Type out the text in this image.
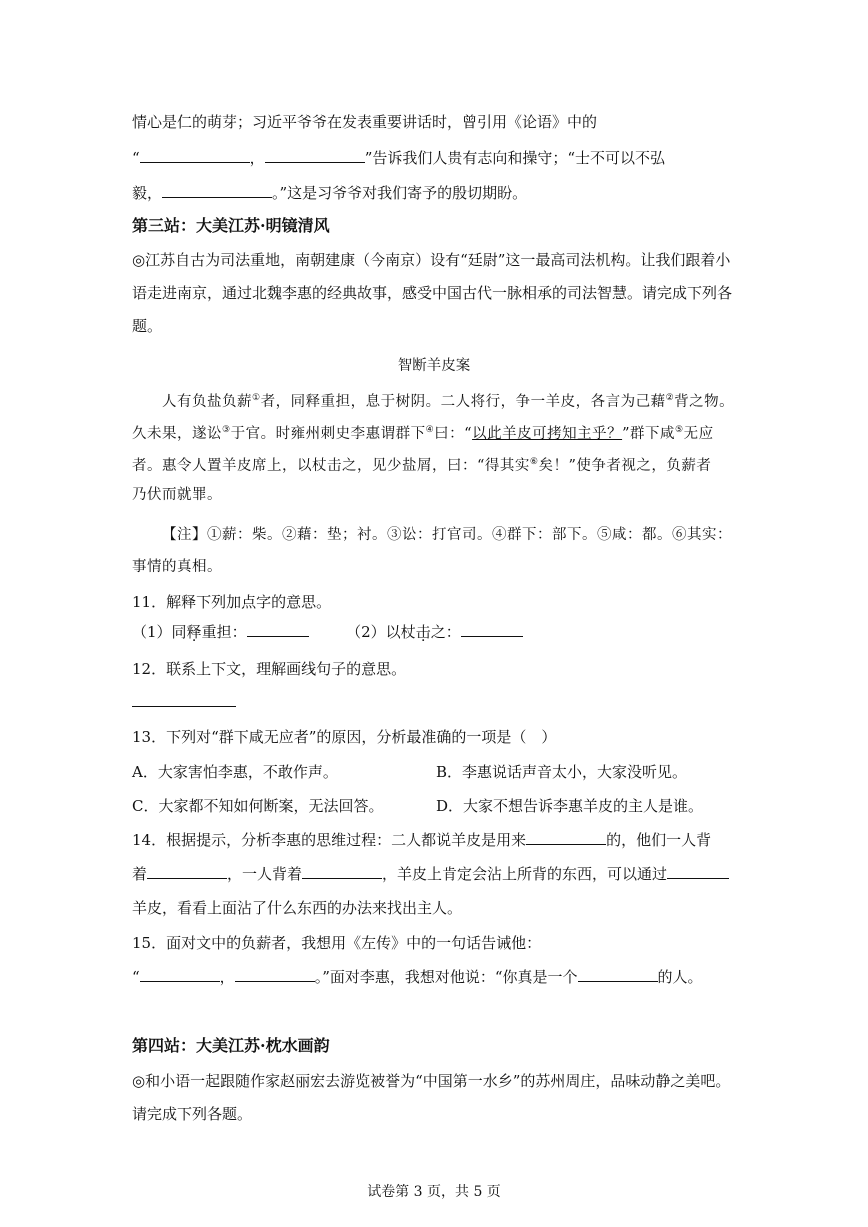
情心是仁的萌芽；习近平爷爷在发表重要讲话时，曾引用《论语》中的
“	，	”告诉我们人贵有志向和操守；“士不可以不弘
毅，	。”这是习爷爷对我们寄予的殷切期盼。
第三站：大美江苏·明镜清风
◎江苏自古为司法重地，南朝建康（今南京）设有“廷尉”这一最高司法机构。让我们跟着小
语走进南京，通过北魏李惠的经典故事，感受中国古代一脉相承的司法智慧。请完成下列各
题。
智断羊皮案
人有负盐负薪①者，同释重担，息于树阴。二人将行，争一羊皮，各言为己藉②背之物。
久未果，遂讼③于官。时雍州刺史李惠谓群下④曰：“以此羊皮可拷知主乎？”群下咸⑤无应
者。惠令人置羊皮席上，以杖击之，见少盐屑，曰：“得其实⑥矣！”使争者视之，负薪者
乃伏而就罪。
【注】①薪：柴。②藉：垫；衬。③讼：打官司。④群下：部下。⑤咸：都。⑥其实：
事情的真相。
11．解释下列加点字的意思。
（1）同释重担：	（2）以杖击之：
12．联系上下文，理解画线句子的意思。
13．下列对“群下咸无应者”的原因，分析最准确的一项是（　）
A．大家害怕李惠，不敢作声。	B．李惠说话声音太小，大家没听见。
C．大家都不知如何断案，无法回答。	D．大家不想告诉李惠羊皮的主人是谁。
14．根据提示，分析李惠的思维过程：二人都说羊皮是用来	的，他们一人背
着	，一人背着	，羊皮上肯定会沾上所背的东西，可以通过
羊皮，看看上面沾了什么东西的办法来找出主人。
15．面对文中的负薪者，我想用《左传》中的一句话告诫他：
“	，	。”面对李惠，我想对他说：“你真是一个	的人。
第四站：大美江苏·枕水画韵
◎和小语一起跟随作家赵丽宏去游览被誉为“中国第一水乡”的苏州周庄，品味动静之美吧。
请完成下列各题。
试卷第 3 页，共 5 页
